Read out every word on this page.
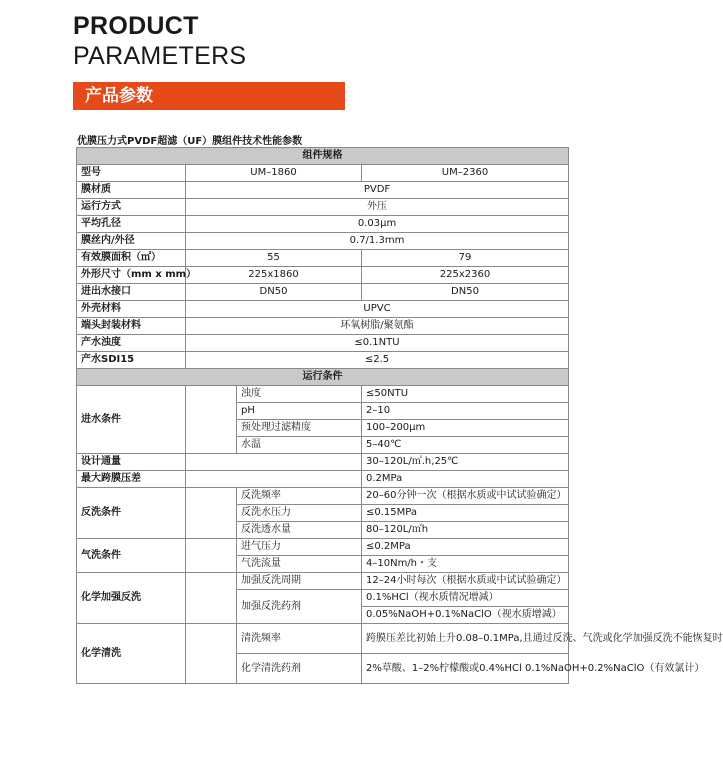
PRODUCT
PARAMETERS
产品参数
优膜压力式PVDF超滤（UF）膜组件技术性能参数
组件规格			
型号	UM–1860		UM–2360
膜材质	PVDF		
运行方式	外压		
平均孔径	0.03μm		
膜丝内/外径	0.7/1.3mm		
有效膜面积（㎡）	55		79
外形尺寸（mm x mm）	225x1860		225x2360
进出水接口	DN50		DN50
外壳材料	UPVC		
端头封装材料	环氧树脂/聚氨酯		
产水浊度	≤0.1NTU		
产水SDI15	≤2.5		
运行条件			
进水条件		浊度	≤50NTU
		pH	2–10
		预处理过滤精度	100–200μm
		水温	5–40℃
设计通量			30–120L/㎡.h,25℃
最大跨膜压差			0.2MPa
反洗条件		反洗频率	20–60分钟一次（根据水质或中试试验确定）
		反洗水压力	≤0.15MPa
		反洗透水量	80–120L/㎡h
气洗条件		进气压力	≤0.2MPa
		气洗流量	4–10Nm/h・支
化学加强反洗		加强反洗周期	12–24小时每次（根据水质或中试试验确定）
		加强反洗药剂	0.1%HCl（视水质情况增减）
			0.05%NaOH+0.1%NaClO（视水质增减）
化学清洗		清洗频率	跨膜压差比初始上升0.08–0.1MPa,且通过反洗、气洗或化学加强反洗不能恢复时
		化学清洗药剂	2%草酸、1–2%柠檬酸或0.4%HCl 0.1%NaOH+0.2%NaClO（有效氯计）
